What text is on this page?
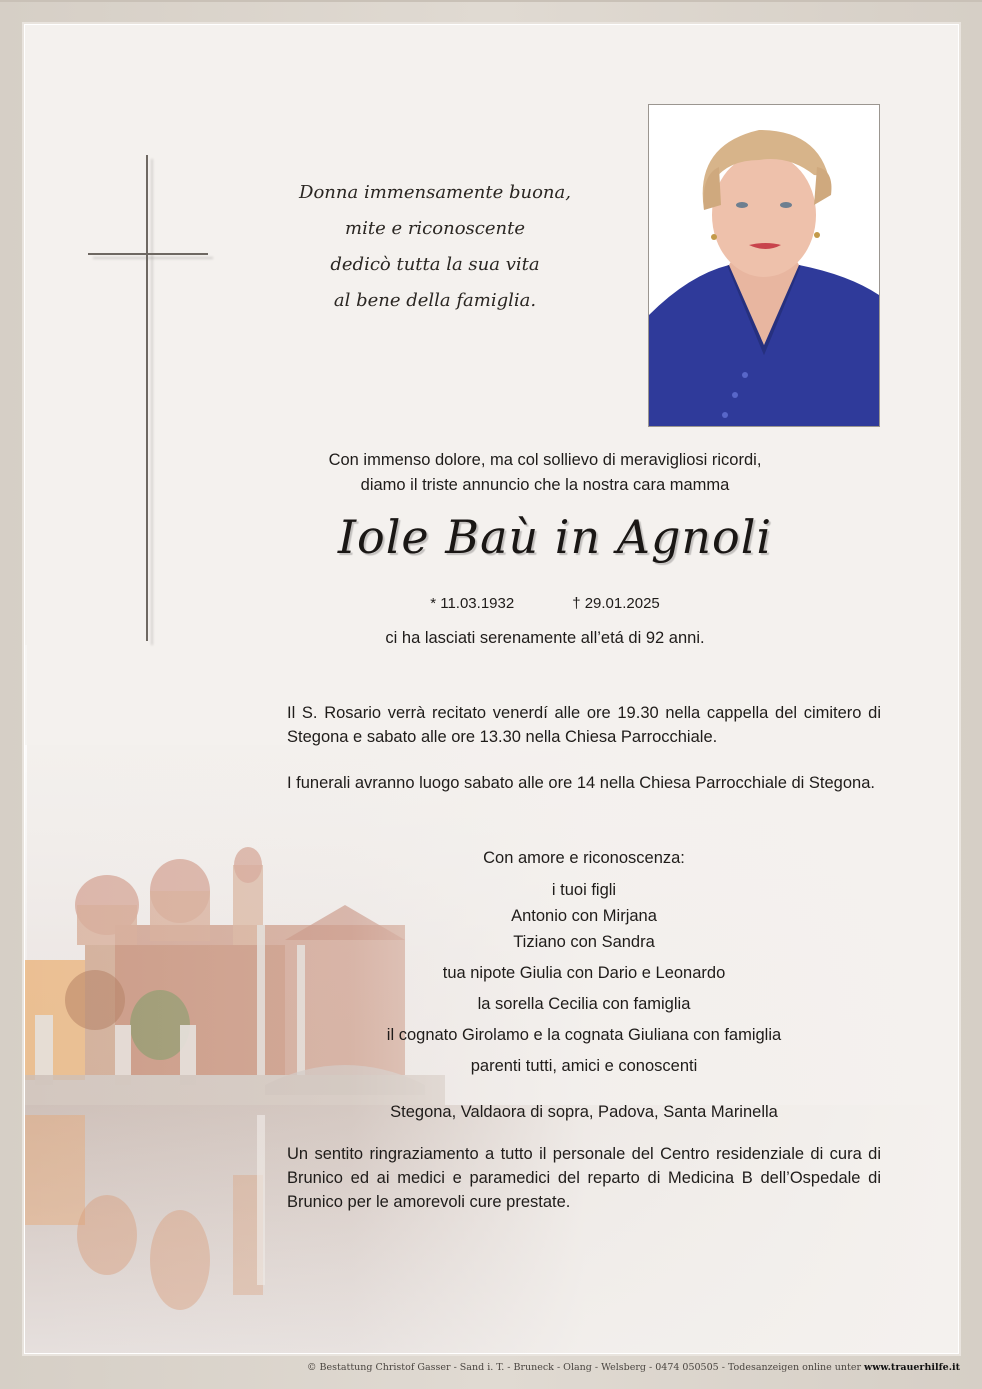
Donna immensamente buona,
mite e riconoscente
dedicò tutta la sua vita
al bene della famiglia.
Con immenso dolore, ma col sollievo di meravigliosi ricordi,
diamo il triste annuncio che la nostra cara mamma
Iole Baù in Agnoli
* 11.03.1932	† 29.01.2025
ci ha lasciati serenamente all’etá di 92 anni.
Il S. Rosario verrà recitato venerdí alle ore 19.30 nella cappella del cimitero di Stegona e sabato alle ore 13.30 nella Chiesa Parrocchiale.
I funerali avranno luogo sabato alle ore 14 nella Chiesa Parrocchiale di Stegona.
Con amore e riconoscenza:
i tuoi figli
Antonio con Mirjana
Tiziano con Sandra
tua nipote Giulia con Dario e Leonardo
la sorella Cecilia con famiglia
il cognato Girolamo e la cognata Giuliana con famiglia
parenti tutti, amici e conoscenti
Stegona, Valdaora di sopra, Padova, Santa Marinella
Un sentito ringraziamento a tutto il personale del Centro residenziale di cura di Brunico ed ai medici e paramedici del reparto di Medicina B dell’Ospedale di Brunico per le amorevoli cure prestate.
© Bestattung Christof Gasser - Sand i. T. - Bruneck - Olang - Welsberg - 0474 050505 - Todesanzeigen online unter www.trauerhilfe.it
